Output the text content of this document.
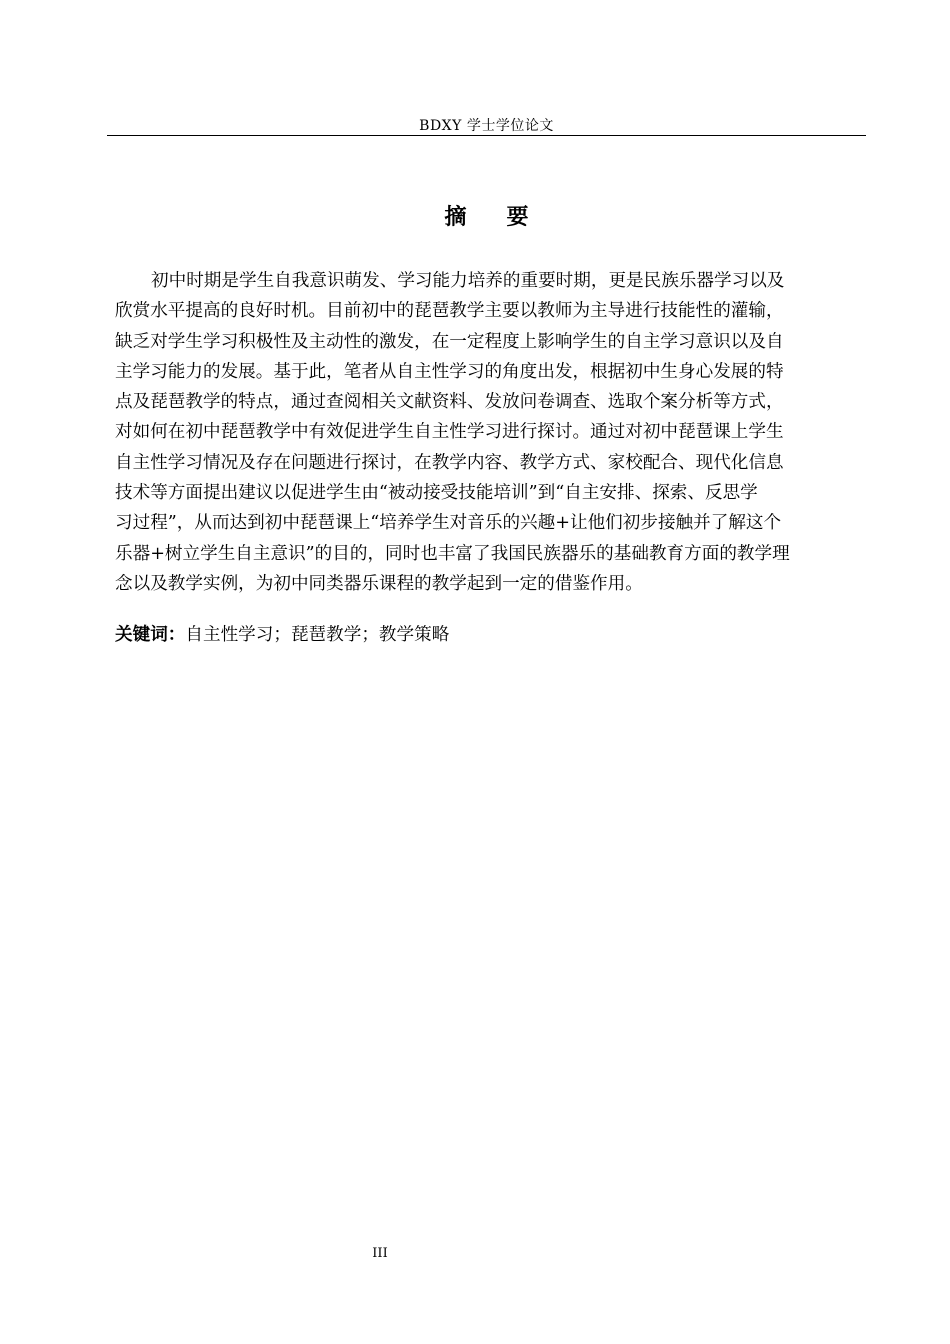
BDXY 学士学位论文
摘 要
初中时期是学生自我意识萌发、学习能力培养的重要时期，更是民族乐器学习以及
欣赏水平提高的良好时机。目前初中的琵琶教学主要以教师为主导进行技能性的灌输，
缺乏对学生学习积极性及主动性的激发，在一定程度上影响学生的自主学习意识以及自
主学习能力的发展。基于此，笔者从自主性学习的角度出发，根据初中生身心发展的特
点及琵琶教学的特点，通过查阅相关文献资料、发放问卷调查、选取个案分析等方式，
对如何在初中琵琶教学中有效促进学生自主性学习进行探讨。通过对初中琵琶课上学生
自主性学习情况及存在问题进行探讨，在教学内容、教学方式、家校配合、现代化信息
技术等方面提出建议以促进学生由“被动接受技能培训”到“自主安排、探索、反思学
习过程”，从而达到初中琵琶课上“培养学生对音乐的兴趣+让他们初步接触并了解这个
乐器+树立学生自主意识”的目的，同时也丰富了我国民族器乐的基础教育方面的教学理
念以及教学实例，为初中同类器乐课程的教学起到一定的借鉴作用。
关键词：自主性学习；琵琶教学；教学策略
III
